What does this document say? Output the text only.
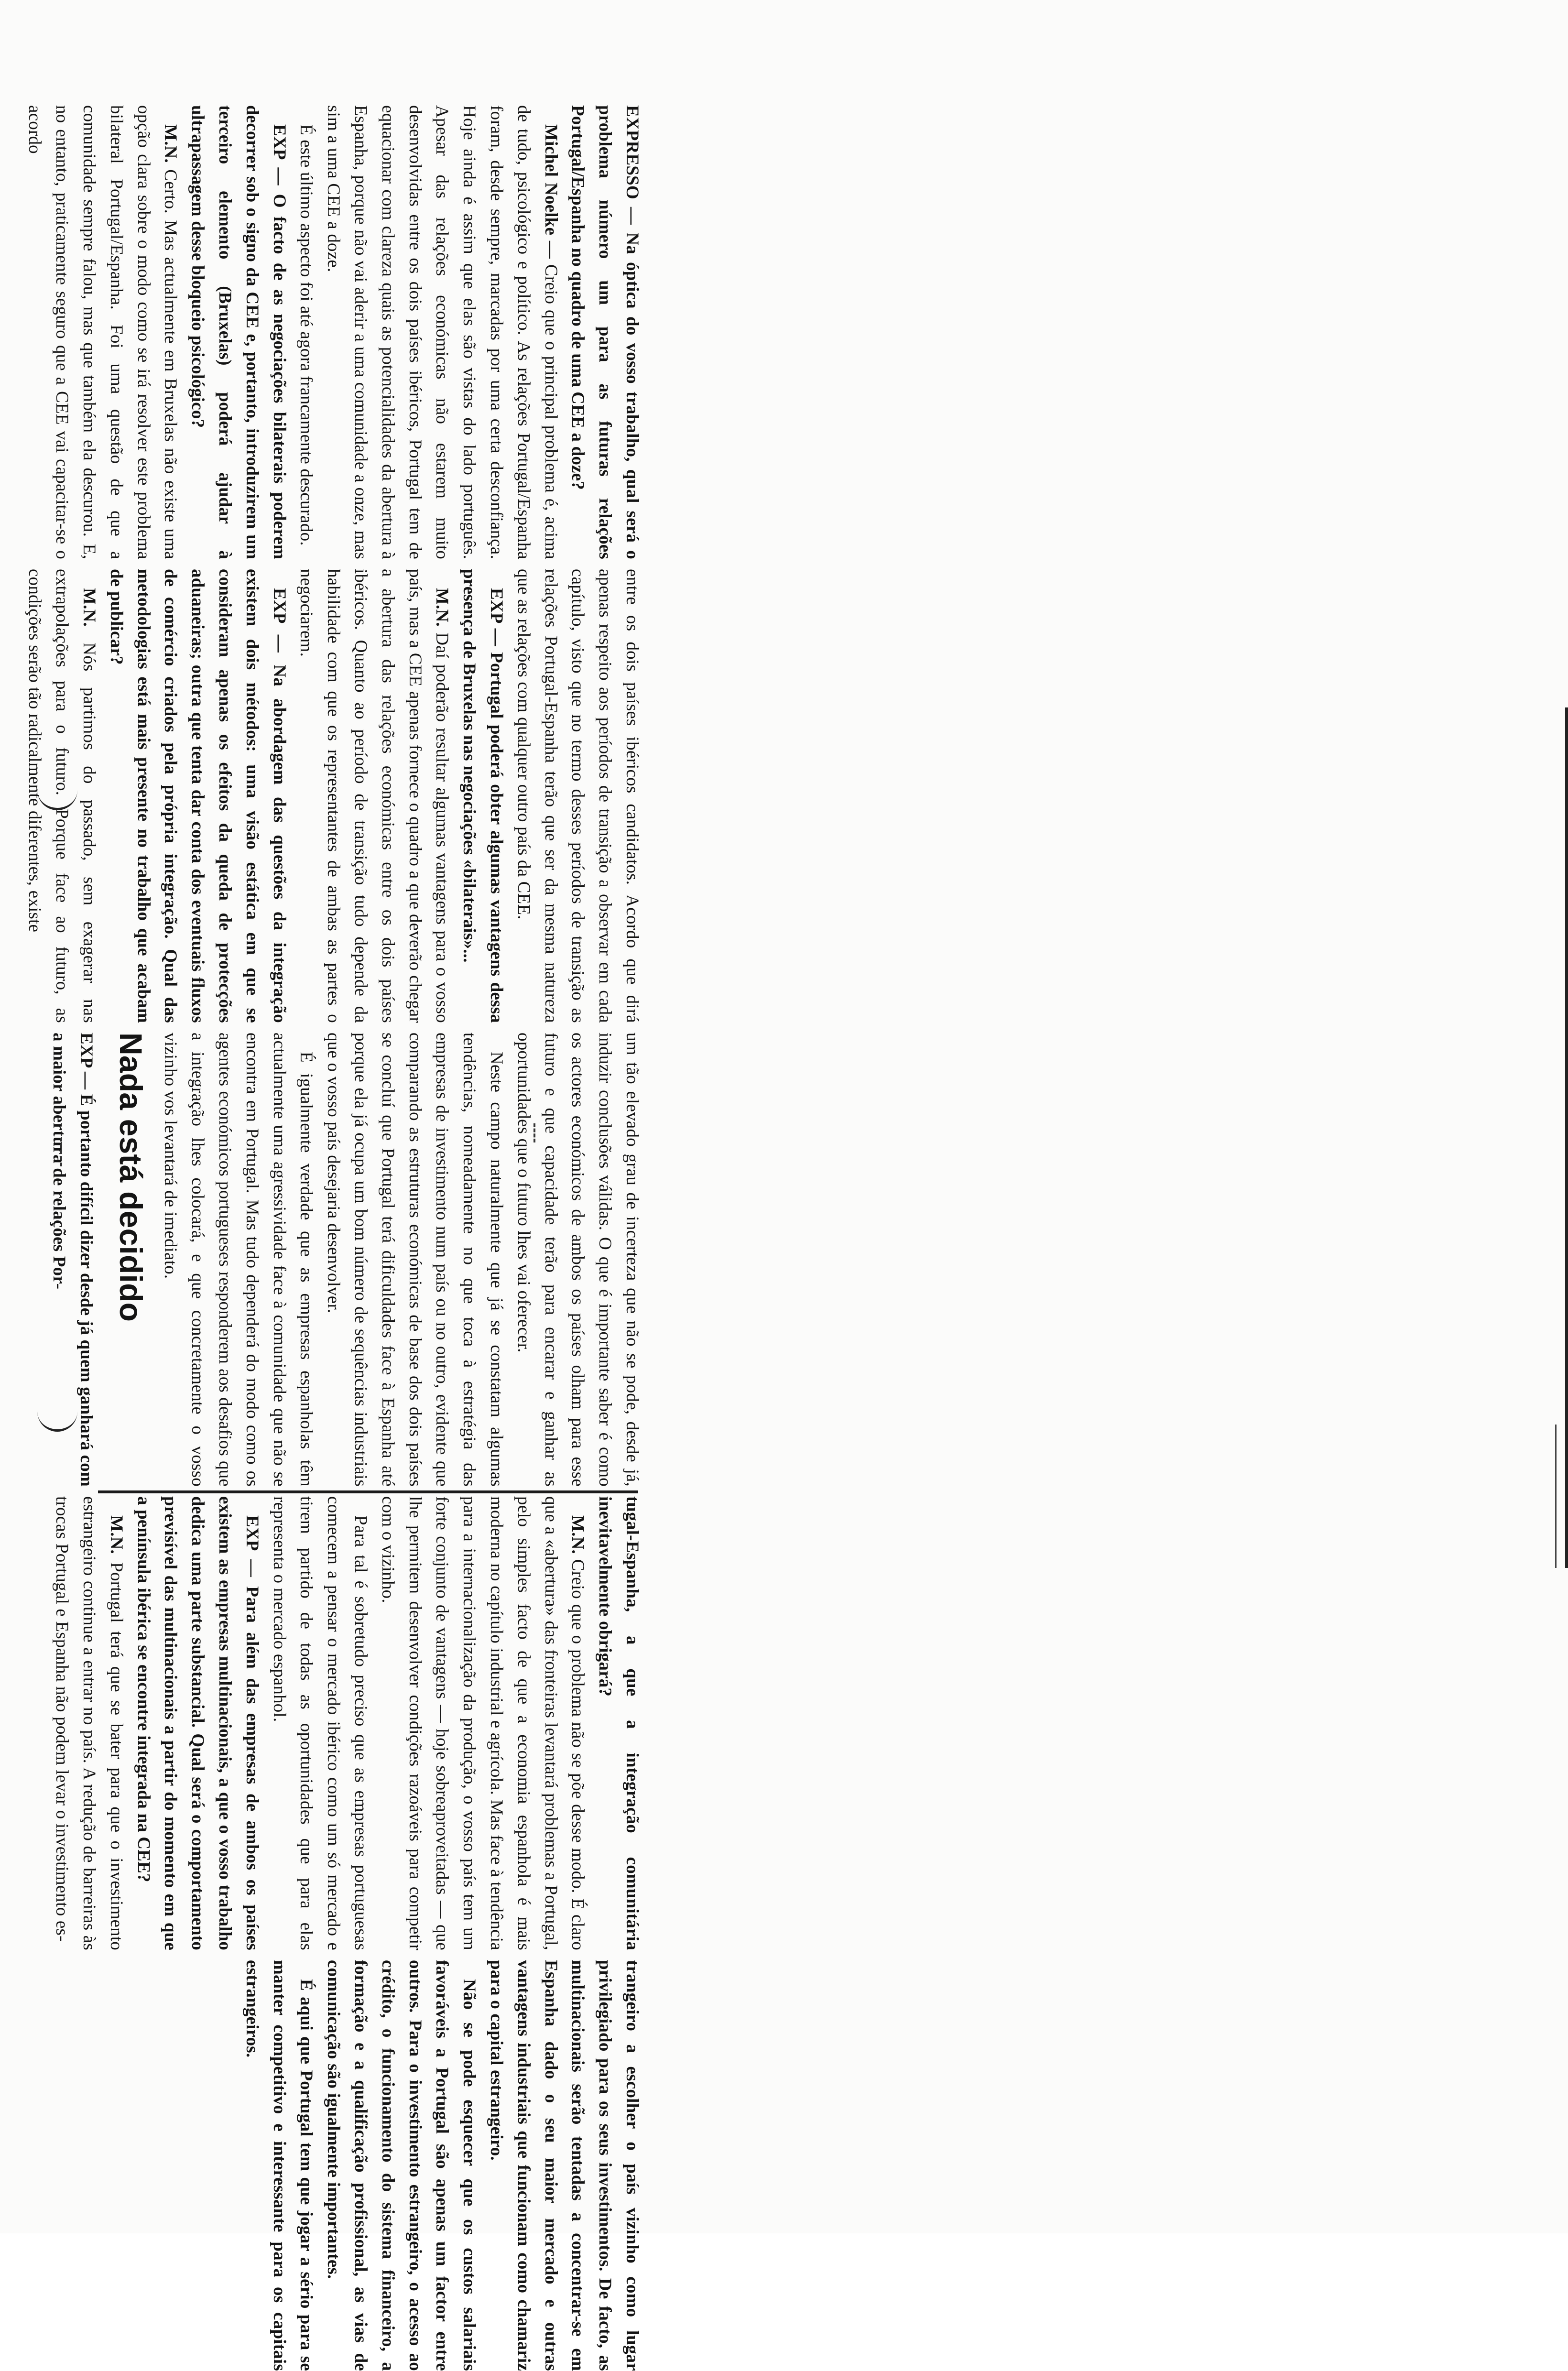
EXPRESSO — Na óptica do vosso trabalho, qual será o problema número um para as futuras relações Portugal/Espanha no quadro de uma CEE a doze?

Michel Noelke — Creio que o principal problema é, acima de tudo, psicológico e político. As relações Portugal/Espanha foram, desde sempre, marcadas por uma certa desconfiança. Hoje ainda é assim que elas são vistas do lado português. Apesar das relações económicas não estarem muito desenvolvidas entre os dois países ibéricos, Portugal tem de equacionar com clareza quais as potencialidades da abertura à Espanha, porque não vai aderir a uma comunidade a onze, mas sim a uma CEE a doze.

É este último aspecto foi até agora francamente descurado.

EXP — O facto de as negociações bilaterais poderem decorrer sob o signo da CEE e, portanto, introduzirem um terceiro elemento (Bruxelas) poderá ajudar à ultrapassagem desse bloqueio psicológico?

M.N. Certo. Mas actualmente em Bruxelas não existe uma opção clara sobre o modo como se irá resolver este problema bilateral Portugal/Espanha. Foi uma questão de que a comunidade sempre falou, mas que também ela descurou. E, no entanto, praticamente seguro que a CEE vai capacitar-se o acordo

entre os dois países ibéricos candidatos. Acordo que dirá apenas respeito aos períodos de transição a observar em cada capítulo, visto que no termo desses períodos de transição as relações Portugal-Espanha terão que ser da mesma natureza que as relações com qualquer outro país da CEE.

EXP — Portugal poderá obter algumas vantagens dessa presença de Bruxelas nas negociações «bilaterais»...

M.N. Daí poderão resultar algumas vantagens para o vosso país, mas a CEE apenas fornece o quadro a que deverão chegar a abertura das relações económicas entre os dois países ibéricos. Quanto ao período de transição tudo depende da habilidade com que os representantes de ambas as partes o negociarem.

EXP — Na abordagem das questões da integração existem dois métodos: uma visão estática em que se consideram apenas os efeitos da queda de protecções aduaneiras; outra que tenta dar conta dos eventuais fluxos de comércio criados pela própria integração. Qual das metodologias está mais presente no trabalho que acabam de publicar?

M.N. Nós partimos do passado, sem exagerar nas extrapolações para o futuro. Porque face ao futuro, as condições serão tão radicalmente diferentes, existe

um tão elevado grau de incerteza que não se pode, desde já, induzir conclusões válidas. O que é importante saber é como os actores económicos de ambos os países olham para esse futuro e que capacidade terão para encarar e ganhar as oportunidades que o futuro lhes vai oferecer.

Neste campo naturalmente que já se constatam algumas tendências, nomeadamente no que toca à estratégia das empresas de investimento num país ou no outro, evidente que comparando as estruturas económicas de base dos dois países se concluí que Portugal terá dificuldades face à Espanha até porque ela já ocupa um bom número de sequências industriais que o vosso país desejaria desenvolver.

É igualmente verdade que as empresas espanholas têm actualmente uma agressividade face à comunidade que não se encontra em Portugal. Mas tudo dependerá do modo como os agentes económicos portugueses responderem aos desafios que a integração lhes colocará, e que concretamente o vosso vizinho vos levantará de imediato.

Nada está decidido

EXP — É portanto difícil dizer desde já quem ganhará com a maior abertura de relações Por-

tugal-Espanha, a que a integração comunitária inevitavelmente obrigará?

M.N. Creio que o problema não se põe desse modo. É claro que a «abertura» das fronteiras levantará problemas a Portugal, pelo simples facto de que a economia espanhola é mais moderna no capítulo industrial e agrícola. Mas face à tendência para a internacionalização da produção, o vosso país tem um forte conjunto de vantagens — hoje sobreaproveitadas — que lhe permitem desenvolver condições razoáveis para competir com o vizinho.

Para tal é sobretudo preciso que as empresas portuguesas comecem a pensar o mercado ibérico como um só mercado e tirem partido de todas as oportunidades que para elas representa o mercado espanhol.

EXP — Para além das empresas de ambos os países existem as empresas multinacionais, a que o vosso trabalho dedica uma parte substancial. Qual será o comportamento previsível das multinacionais a partir do momento em que a península ibérica se encontre integrada na CEE?

M.N. Portugal terá que se bater para que o investimento estrangeiro continue a entrar no país. A redução de barreiras às trocas Portugal e Espanha não podem levar o investimento es-

trangeiro a escolher o país vizinho como lugar privilegiado para os seus investimentos. De facto, as multinacionais serão tentadas a concentrar-se em Espanha dado o seu maior mercado e outras vantagens industriais que funcionam como chamariz para o capital estrangeiro.

Não se pode esquecer que os custos salariais favoráveis a Portugal são apenas um factor entre outros. Para o investimento estrangeiro, o acesso ao crédito, o funcionamento do sistema financeiro, a formação e a qualificação profissional, as vias de comunicação são igualmente importantes.

É aqui que Portugal tem que jogar a sério para se manter competitivo e interessante para os capitais estrangeiros.
